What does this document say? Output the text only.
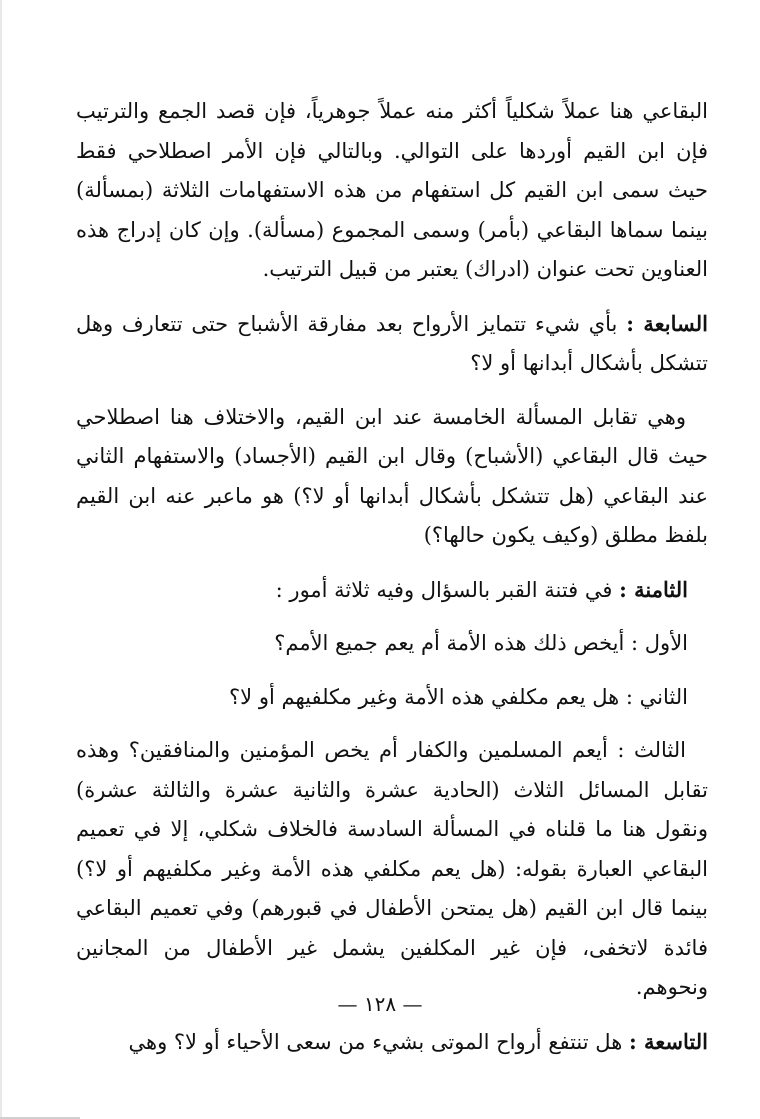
البقاعي هنا عملاً شكلياً أكثر منه عملاً جوهرياً، فإن قصد الجمع والترتيب فإن ابن القيم أوردها على التوالي. وبالتالي فإن الأمر اصطلاحي فقط حيث سمى ابن القيم كل استفهام من هذه الاستفهامات الثلاثة (بمسألة) بينما سماها البقاعي (بأمر) وسمى المجموع (مسألة). وإن كان إدراج هذه العناوين تحت عنوان (ادراك) يعتبر من قبيل الترتيب.

السابعة : بأي شيء تتمايز الأرواح بعد مفارقة الأشباح حتى تتعارف وهل تتشكل بأشكال أبدانها أو لا؟

وهي تقابل المسألة الخامسة عند ابن القيم، والاختلاف هنا اصطلاحي حيث قال البقاعي (الأشباح) وقال ابن القيم (الأجساد) والاستفهام الثاني عند البقاعي (هل تتشكل بأشكال أبدانها أو لا؟) هو ماعبر عنه ابن القيم بلفظ مطلق (وكيف يكون حالها؟)

الثامنة : في فتنة القبر بالسؤال وفيه ثلاثة أمور :

الأول : أيخص ذلك هذه الأمة أم يعم جميع الأمم؟

الثاني : هل يعم مكلفي هذه الأمة وغير مكلفيهم أو لا؟

الثالث : أيعم المسلمين والكفار أم يخص المؤمنين والمنافقين؟ وهذه تقابل المسائل الثلاث (الحادية عشرة والثانية عشرة والثالثة عشرة) ونقول هنا ما قلناه في المسألة السادسة فالخلاف شكلي، إلا في تعميم البقاعي العبارة بقوله: (هل يعم مكلفي هذه الأمة وغير مكلفيهم أو لا؟) بينما قال ابن القيم (هل يمتحن الأطفال في قبورهم) وفي تعميم البقاعي فائدة لاتخفى، فإن غير المكلفين يشمل غير الأطفال من المجانين ونحوهم.

التاسعة : هل تنتفع أرواح الموتى بشيء من سعى الأحياء أو لا؟ وهي

— ١٢٨ —
